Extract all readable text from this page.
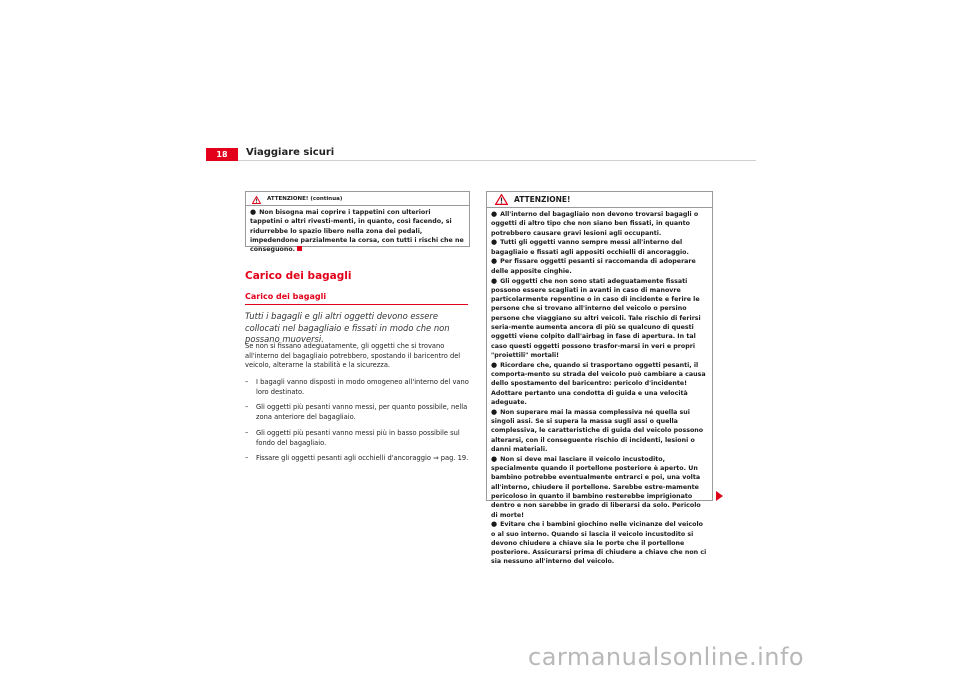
18	Viaggiare sicuri
ATTENZIONE! (continua)

● Non bisogna mai coprire i tappetini con ulteriori tappetini o altri rivesti-menti, in quanto, così facendo, si ridurrebbe lo spazio libero nella zona dei pedali, impedendone parzialmente la corsa, con tutti i rischi che ne conseguono.

Carico dei bagagli
Carico dei bagagli
Tutti i bagagli e gli altri oggetti devono essere collocati nel bagagliaio e fissati in modo che non possano muoversi.
Se non si fissano adeguatamente, gli oggetti che si trovano all'interno del bagagliaio potrebbero, spostando il baricentro del veicolo, alterarne la stabilità e la sicurezza.
– I bagagli vanno disposti in modo omogeneo all'interno del vano loro destinato.
– Gli oggetti più pesanti vanno messi, per quanto possibile, nella zona anteriore del bagagliaio.
– Gli oggetti più pesanti vanno messi più in basso possibile sul fondo del bagagliaio.
– Fissare gli oggetti pesanti agli occhielli d'ancoraggio ⇒ pag. 19.
ATTENZIONE!

● All'interno del bagagliaio non devono trovarsi bagagli o oggetti di altro tipo che non siano ben fissati, in quanto potrebbero causare gravi lesioni agli occupanti.

● Tutti gli oggetti vanno sempre messi all'interno del bagagliaio e fissati agli appositi occhielli di ancoraggio.

● Per fissare oggetti pesanti si raccomanda di adoperare delle apposite cinghie.

● Gli oggetti che non sono stati adeguatamente fissati possono essere scagliati in avanti in caso di manovre particolarmente repentine o in caso di incidente e ferire le persone che si trovano all'interno del veicolo o persino persone che viaggiano su altri veicoli. Tale rischio di ferirsi seria-mente aumenta ancora di più se qualcuno di questi oggetti viene colpito dall'airbag in fase di apertura. In tal caso questi oggetti possono trasfor-marsi in veri e propri "proiettili" mortali!

● Ricordare che, quando si trasportano oggetti pesanti, il comporta-mento su strada del veicolo può cambiare a causa dello spostamento del baricentro: pericolo d'incidente! Adottare pertanto una condotta di guida e una velocità adeguate.

● Non superare mai la massa complessiva né quella sui singoli assi. Se si supera la massa sugli assi o quella complessiva, le caratteristiche di guida del veicolo possono alterarsi, con il conseguente rischio di incidenti, lesioni o danni materiali.

● Non si deve mai lasciare il veicolo incustodito, specialmente quando il portellone posteriore è aperto. Un bambino potrebbe eventualmente entrarci e poi, una volta all'interno, chiudere il portellone. Sarebbe estre-mamente pericoloso in quanto il bambino resterebbe imprigionato dentro e non sarebbe in grado di liberarsi da solo. Pericolo di morte!

● Evitare che i bambini giochino nelle vicinanze del veicolo o al suo interno. Quando si lascia il veicolo incustodito si devono chiudere a chiave sia le porte che il portellone posteriore. Assicurarsi prima di chiudere a chiave che non ci sia nessuno all'interno del veicolo.

carmanualsonline.info
